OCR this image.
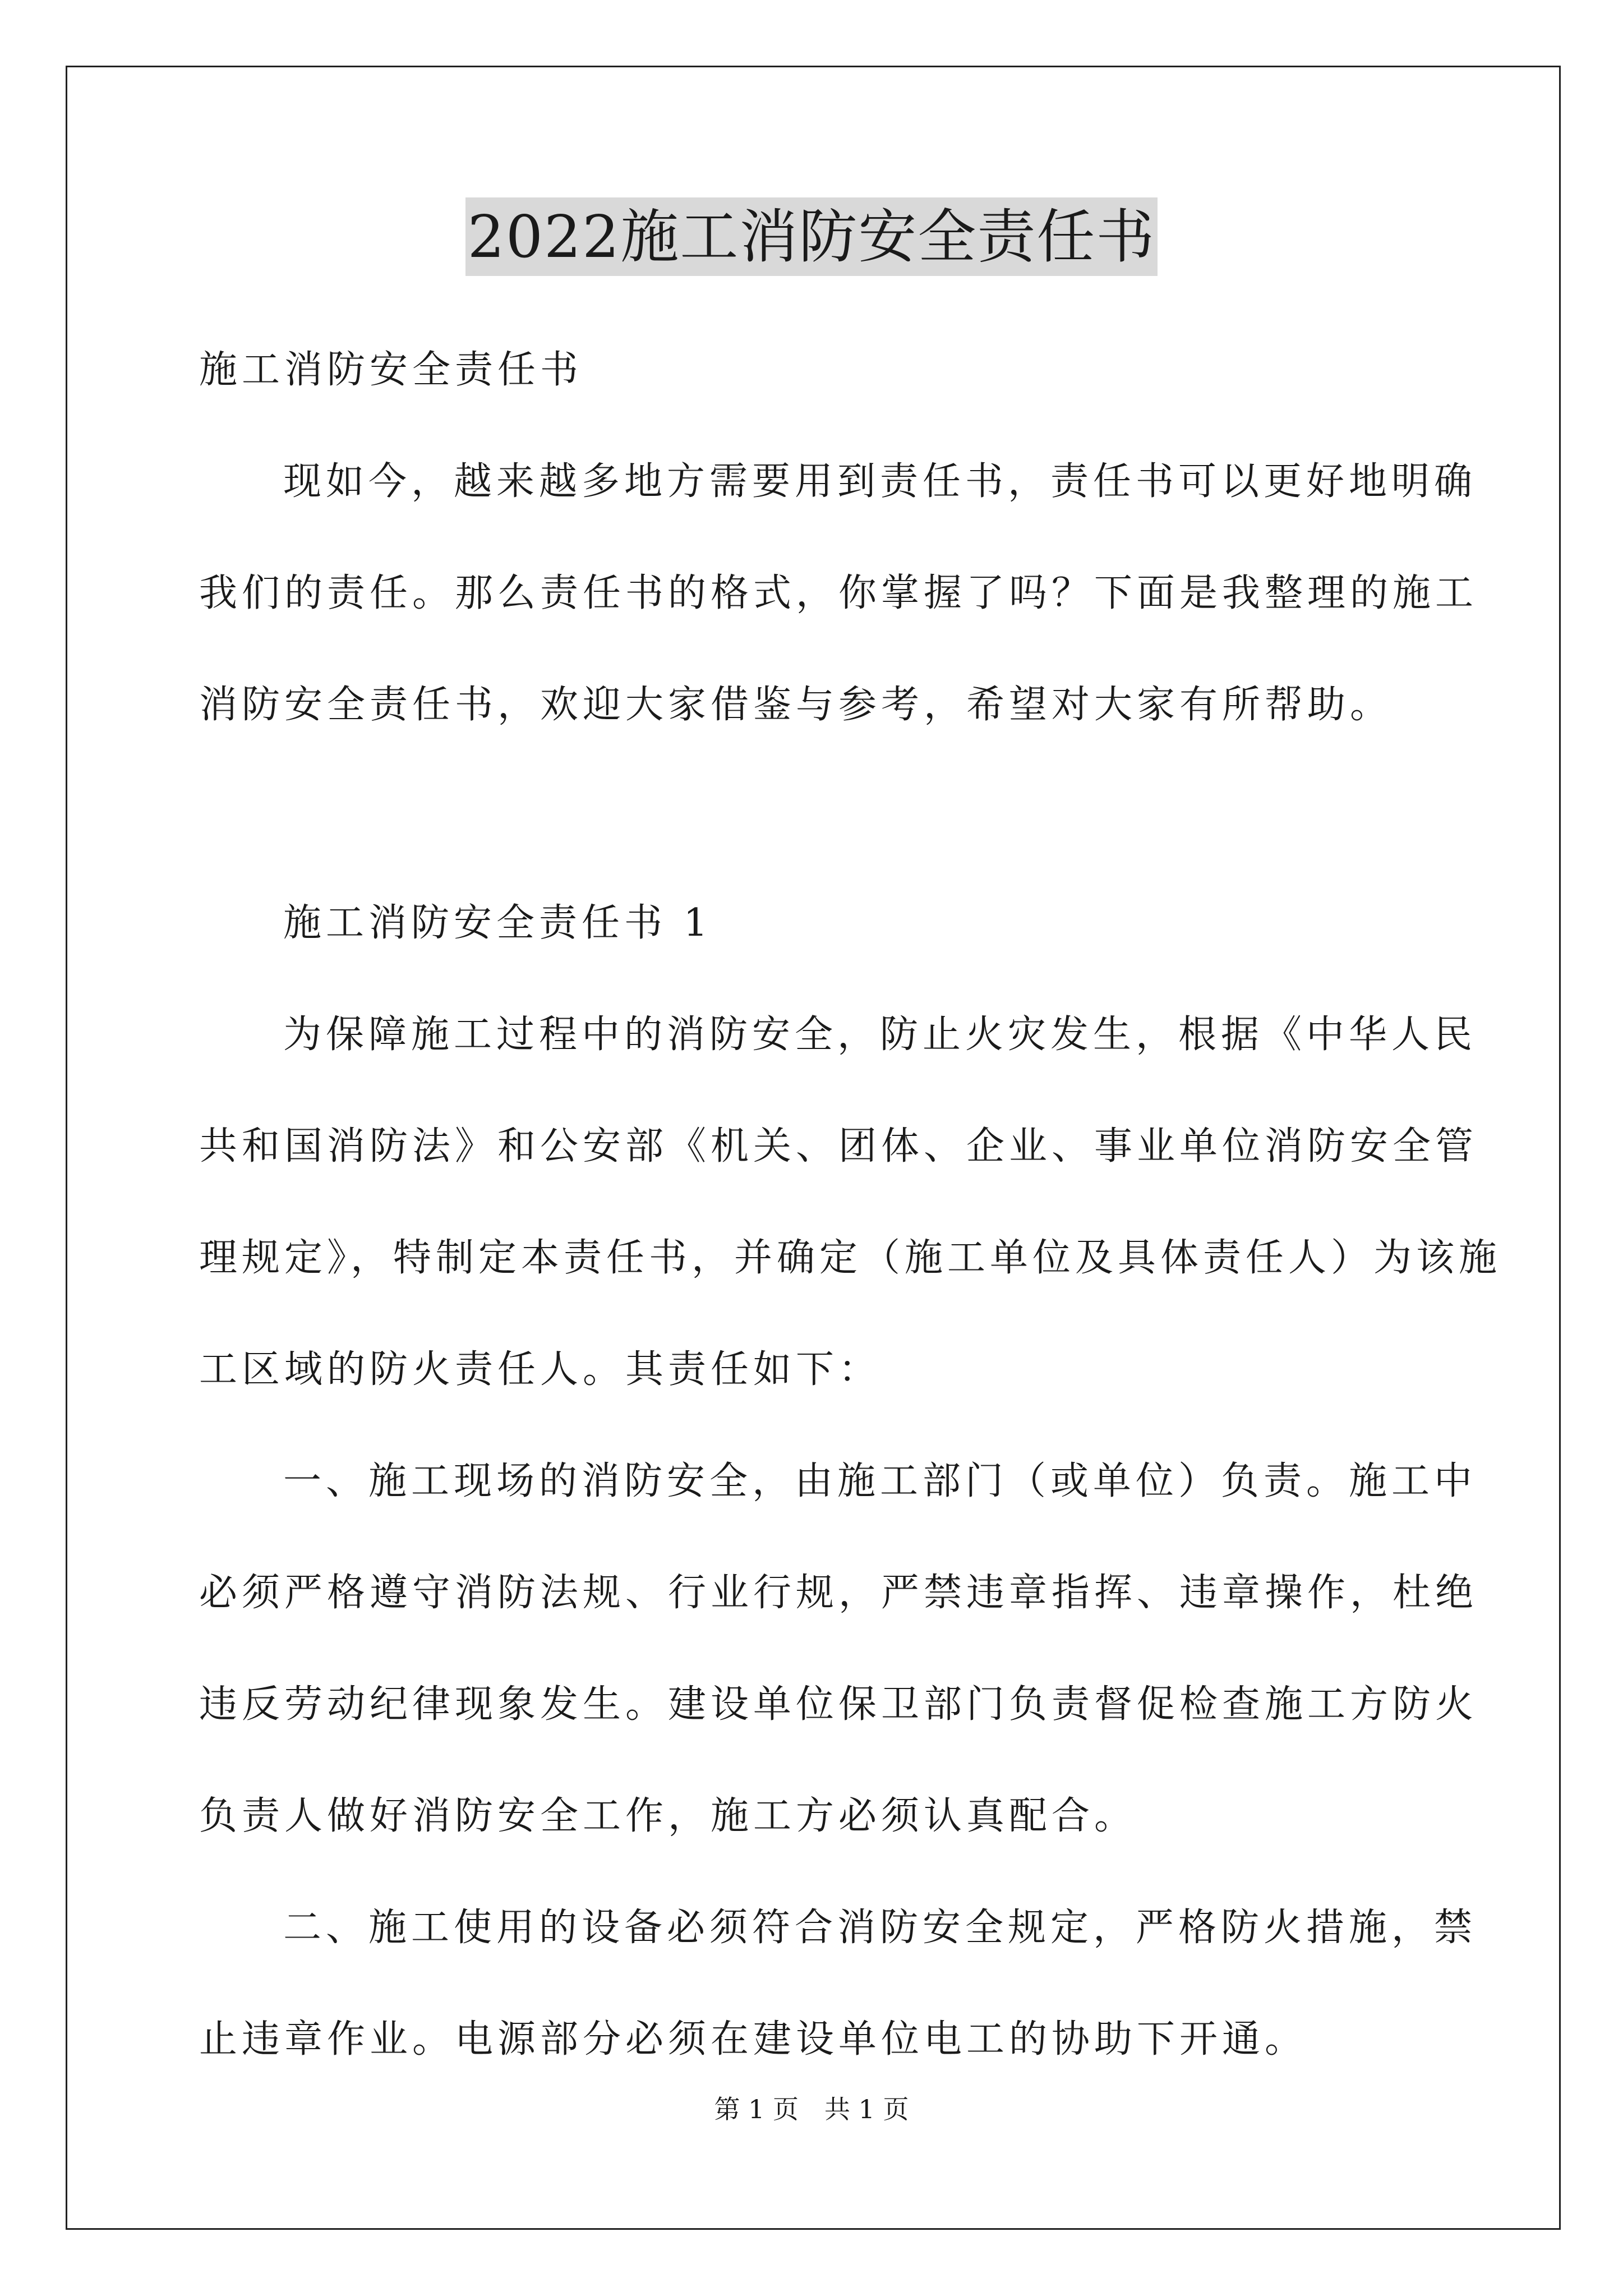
2022施工消防安全责任书

施工消防安全责任书

现如今，越来越多地方需要用到责任书，责任书可以更好地明确

我们的责任。那么责任书的格式，你掌握了吗？下面是我整理的施工

消防安全责任书，欢迎大家借鉴与参考，希望对大家有所帮助。

施工消防安全责任书 1

为保障施工过程中的消防安全，防止火灾发生，根据《中华人民

共和国消防法》和公安部《机关、团体、企业、事业单位消防安全管

理规定》，特制定本责任书，并确定（施工单位及具体责任人）为该施

工区域的防火责任人。其责任如下：

一、施工现场的消防安全，由施工部门（或单位）负责。施工中

必须严格遵守消防法规、行业行规，严禁违章指挥、违章操作，杜绝

违反劳动纪律现象发生。建设单位保卫部门负责督促检查施工方防火

负责人做好消防安全工作，施工方必须认真配合。

二、施工使用的设备必须符合消防安全规定，严格防火措施，禁

止违章作业。电源部分必须在建设单位电工的协助下开通。

第 1 页　共 1 页
